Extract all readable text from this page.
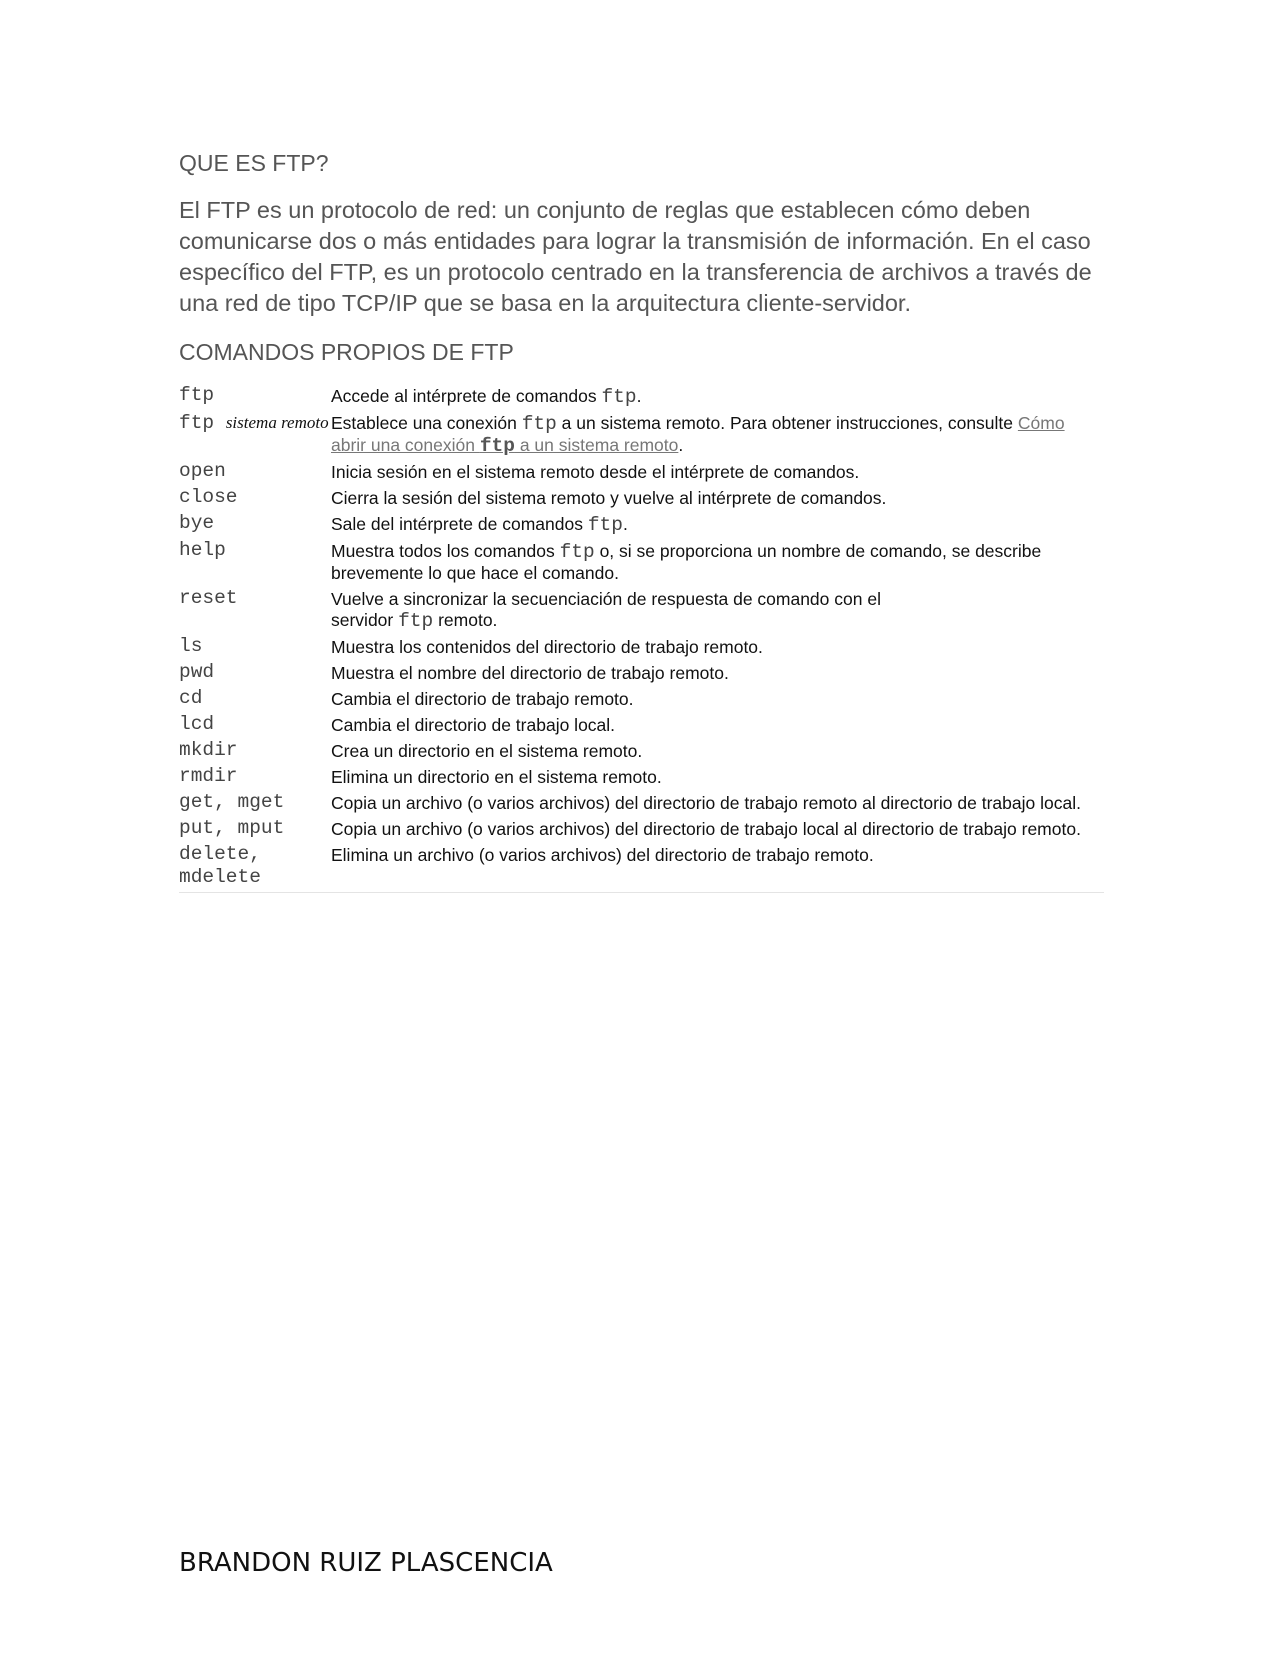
QUE ES FTP?

El FTP es un protocolo de red: un conjunto de reglas que establecen cómo deben comunicarse dos o más entidades para lograr la transmisión de información. En el caso específico del FTP, es un protocolo centrado en la transferencia de archivos a través de una red de tipo TCP/IP que se basa en la arquitectura cliente-servidor.

COMANDOS PROPIOS DE FTP

ftp	Accede al intérprete de comandos ftp.
ftp sistema remoto	Establece una conexión ftp a un sistema remoto. Para obtener instrucciones, consulte Cómo abrir una conexión ftp a un sistema remoto.
open	Inicia sesión en el sistema remoto desde el intérprete de comandos.
close	Cierra la sesión del sistema remoto y vuelve al intérprete de comandos.
bye	Sale del intérprete de comandos ftp.
help	Muestra todos los comandos ftp o, si se proporciona un nombre de comando, se describe brevemente lo que hace el comando.
reset	Vuelve a sincronizar la secuenciación de respuesta de comando con el
servidor ftp remoto.
ls	Muestra los contenidos del directorio de trabajo remoto.
pwd	Muestra el nombre del directorio de trabajo remoto.
cd	Cambia el directorio de trabajo remoto.
lcd	Cambia el directorio de trabajo local.
mkdir	Crea un directorio en el sistema remoto.
rmdir	Elimina un directorio en el sistema remoto.
get, mget	Copia un archivo (o varios archivos) del directorio de trabajo remoto al directorio de trabajo local.
put, mput	Copia un archivo (o varios archivos) del directorio de trabajo local al directorio de trabajo remoto.
delete,
mdelete	Elimina un archivo (o varios archivos) del directorio de trabajo remoto.

BRANDON RUIZ PLASCENCIA
